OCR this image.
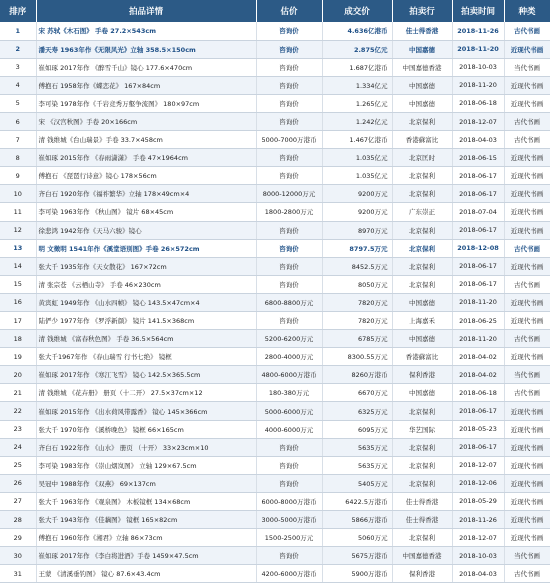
排序	拍品详情	估价	成交价	拍卖行	拍卖时间	种类
1	宋 苏轼《木石图》 手卷 27.2×543cm	咨询价	4.636亿港币	佳士得香港	2018-11-26	古代书画
2	潘天寿 1963年作《无限风光》立轴 358.5×150cm	咨询价	2.875亿元	中国嘉德	2018-11-20	近现代书画
3	崔如琢 2017年作 《醉雪千山》镜心 177.6×470cm	咨询价	1.687亿港币	中国嘉德香港	2018-10-03	当代书画
4	傅抱石 1958年作《蝶恋花》 167×84cm	咨询价	1.334亿元	中国嘉德	2018-11-20	近现代书画
5	李可染 1978年作《千岩竞秀万壑争流图》 180×97cm	咨询价	1.265亿元	中国嘉德	2018-06-18	近现代书画
6	宋 《汉宫秋图》手卷 20×166cm	咨询价	1.242亿元	北京保利	2018-12-07	古代书画
7	清 钱维城《台山瑞景》手卷 33.7×458cm	5000-7000万港币	1.467亿港币	香港蘇富比	2018-04-03	古代书画
8	崔如琢 2015年作 《春雨潇潇》 手卷 47×1964cm	咨询价	1.035亿元	北京匡时	2018-06-15	近现代书画
9	傅抱石 《琵琶行诗意》镜心 178×56cm	咨询价	1.035亿元	北京保利	2018-06-17	近现代书画
10	齐白石 1920年作《福祚繁华》立轴 178×49cm×4	8000-12000万元	9200万元	北京保利	2018-06-17	近现代书画
11	李可染 1963年作 《秋山图》 镜片 68×45cm	1800-2800万元	9200万元	广东崇正	2018-07-04	近现代书画
12	徐悲鸿 1942年作《天马六骏》镜心	咨询价	8970万元	北京保利	2018-06-17	近现代书画
13	明 文徵明 1541年作《溪堂语別图》手卷 26×572cm	咨询价	8797.5万元	北京保利	2018-12-08	古代书画
14	张大千 1935年作《天女散花》 167×72cm	咨询价	8452.5万元	北京保利	2018-06-17	近现代书画
15	清 张宗苍 《云栖山寺》 手卷 46×230cm	咨询价	8050万元	北京保利	2018-06-17	古代书画
16	黄宾虹 1949年作 《山水四帧》 镜心 143.5×47cm×4	6800-8800万元	7820万元	中国嘉德	2018-11-20	近现代书画
17	陆俨少 1977年作 《罗浮新颜》 镜片 141.5×368cm	咨询价	7820万元	上海嘉禾	2018-06-25	近现代书画
18	清 钱维城 《富春秋色图》 手卷 36.5×564cm	5200-6200万元	6785万元	中国嘉德	2018-11-20	古代书画
19	张大千1967年作 《春山瑞雪 行书七绝》 镜框	2800-4000万元	8300.55万元	香港蘇富比	2018-04-02	近现代书画
20	崔如琢 2017年作 《寒江飞雪》 镜心 142.5×365.5cm	4800-6000万港币	8260万港币	保利香港	2018-04-02	当代书画
21	清 钱维城 《花卉册》 册页（十二开） 27.5×37cm×12	180-380万元	6670万元	中国嘉德	2018-06-18	古代书画
22	崔如琢 2015年作 《出水荷风带露香》 镜心 145×366cm	5000-6000万元	6325万元	北京保利	2018-06-17	近现代书画
23	张大千 1970年作 《溪桥晚色》 镜框 66×165cm	4000-6000万元	6095万元	华艺国际	2018-05-23	近现代书画
24	齐白石 1922年作 《山水》 册页 （十开） 33×23cm×10	咨询价	5635万元	北京保利	2018-06-17	近现代书画
25	李可染 1983年作 《崇山烟岚图》 立轴 129×67.5cm	咨询价	5635万元	北京保利	2018-12-07	近现代书画
26	吴冠中 1988年作 《双燕》 69×137cm	咨询价	5405万元	北京保利	2018-12-06	近现代书画
27	张大千 1963年作 《观泉图》 木板镜框 134×68cm	6000-8000万港币	6422.5万港币	佳士得香港	2018-05-29	近现代书画
28	张大千 1943年作 《佳藕图》 镜框 165×82cm	3000-5000万港币	5866万港币	佳士得香港	2018-11-26	近现代书画
29	傅抱石 1960年作《湘君》立轴 86×73cm	1500-2500万元	5060万元	北京保利	2018-12-07	近现代书画
30	崔如琢 2017年作 《李白将进酒》手卷 1459×47.5cm	咨询价	5675万港币	中国嘉德香港	2018-10-03	当代书画
31	王蒙 《清溪垂钓图》 镜心 87.6×43.4cm	4200-6000万港币	5900万港币	保利香港	2018-04-03	古代书画
